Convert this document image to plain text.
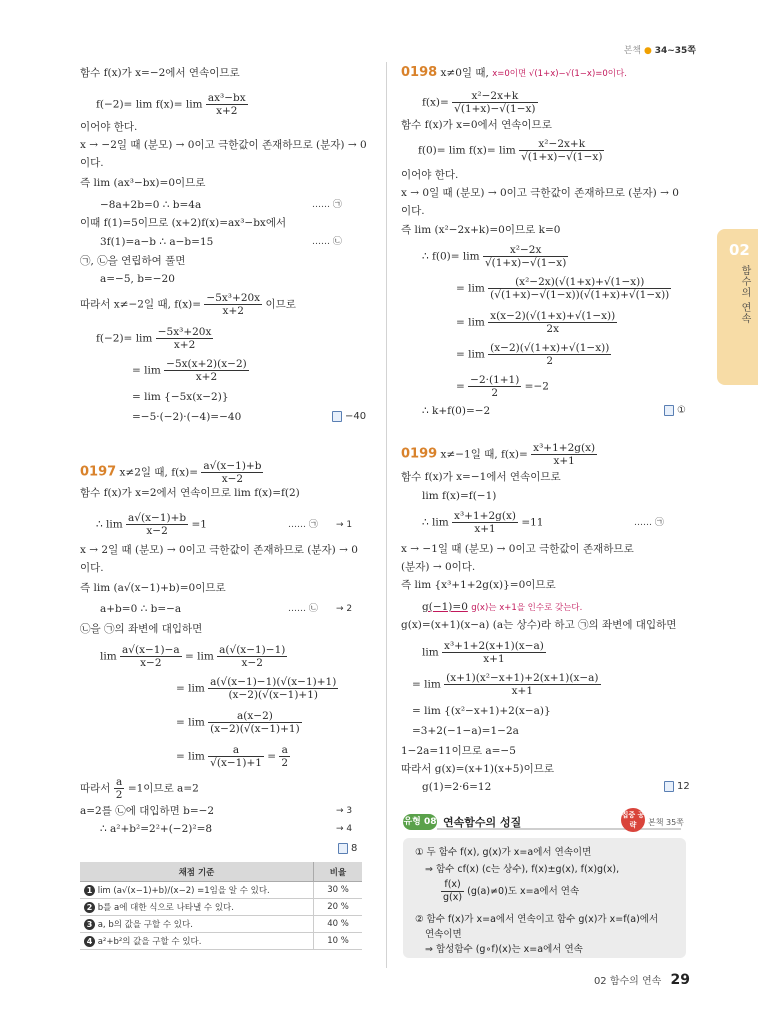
본책 ● 34~35쪽
02
함수의 연속
함수 f(x)가 x=−2에서 연속이므로
$f(-2)= \lim f(x)= \lim \frac{\text{ax³−bx}}{x+2}$
이어야 한다.
x → −2일 때 (분모) → 0이고 극한값이 존재하므로 (분자) → 0
이다.
즉 lim (ax³−bx)=0이므로
−8a+2b=0 ∴ b=4a	…… ㉠
이때 f(1)=5이므로 (x+2)f(x)=ax³−bx에서
3f(1)=a−b ∴ a−b=15	…… ㉡
㉠, ㉡을 연립하여 풀면
a=−5, b=−20
따라서 x≠−2일 때, $f(x)= \frac{\text{−5x³+20x}}{x+2}$ 이므로
$f(-2)= \lim \frac{\text{−5x³+20x}}{x+2}$
= $\lim \frac{-5x(x+2)(x-2)}{x+2}$
= lim {−5x(x−2)}
=−5·(−2)·(−4)=−40	−40
0197 x≠2일 때, $f(x)= \frac{a√(x-1)+b}{x-2}$
함수 f(x)가 x=2에서 연속이므로 lim f(x)=f(2)
∴ $\lim \frac{a√(x-1)+b}{x-2} =1$	…… ㉠ → 1
x → 2일 때 (분모) → 0이고 극한값이 존재하므로 (분자) → 0
이다.
즉 lim (a√(x−1)+b)=0이므로
a+b=0 ∴ b=−a	…… ㉡ → 2
㉡을 ㉠의 좌변에 대입하면
$\lim \frac{a√(x-1)-a}{x-2} = \lim \frac{a(√(x-1)-1)}{x-2}$
= $\lim \frac{a(√(x-1)-1)(√(x-1)+1)}{(x-2)(√(x-1)+1)}$
= $\lim \frac{a(x-2)}{(x-2)(√(x-1)+1)}$
= $\lim \frac{a}{√(x-1)+1} = \frac{a}{2}$
따라서 $\frac{a}{2} =1$이므로 a=2
a=2를 ㉡에 대입하면 b=−2	→ 3
∴ a²+b²=2²+(−2)²=8	→ 4
8
채점 기준	비율
1 lim (a√(x−1)+b)/(x−2) =1임을 알 수 있다.	30 %
2 b를 a에 대한 식으로 나타낼 수 있다.	20 %
3 a, b의 값을 구할 수 있다.	40 %
4 a²+b²의 값을 구할 수 있다.	10 %
0198 x≠0일 때, x=0이면 √(1+x)−√(1−x)=0이다.
$f(x)= \frac{\text{x²−2x+k}}{√(1+x)-√(1-x)}$
함수 f(x)가 x=0에서 연속이므로
$f(0)= \lim f(x)= \lim \frac{\text{x²−2x+k}}{√(1+x)-√(1-x)}$
이어야 한다.
x → 0일 때 (분모) → 0이고 극한값이 존재하므로 (분자) → 0
이다.
즉 lim (x²−2x+k)=0이므로 k=0
∴ $f(0)= \lim \frac{\text{x²−2x}}{√(1+x)-√(1-x)}$
= $\lim \frac{\text{(x²−2x)(√(1+x)+√(1−x))}}{(√(1+x)-√(1-x))(√(1+x)+√(1-x))}$
= $\lim \frac{x(x-2)(√(1+x)+√(1-x))}{2x}$
= $\lim \frac{(x-2)(√(1+x)+√(1-x))}{2}$
= $\frac{-2\cdot(1+1)}{2} =-2$
∴ k+f(0)=−2	①
0199 x≠−1일 때, $f(x)= \frac{\text{x³+1+2g(x)}}{x+1}$
함수 f(x)가 x=−1에서 연속이므로
lim f(x)=f(−1)
∴ $\lim \frac{\text{x³+1+2g(x)}}{x+1} =11$	…… ㉠
x → −1일 때 (분모) → 0이고 극한값이 존재하므로
(분자) → 0이다.
즉 lim {x³+1+2g(x)}=0이므로
g(−1)=0 g(x)는 x+1을 인수로 갖는다.
g(x)=(x+1)(x−a) (a는 상수)라 하고 ㉠의 좌변에 대입하면
$\lim \frac{\text{x³+1+2(x+1)(x−a)}}{x+1}$
= $\lim \frac{\text{(x+1)(x²−x+1)+2(x+1)(x−a)}}{x+1}$
= lim {(x²−x+1)+2(x−a)}
=3+2(−1−a)=1−2a
1−2a=11이므로 a=−5
따라서 g(x)=(x+1)(x+5)이므로
g(1)=2·6=12	12
유형 08 연속함수의 성질
집중 공략	본책 35쪽
① 두 함수 f(x), g(x)가 x=a에서 연속이면
⇒ 함수 cf(x) (c는 상수), f(x)±g(x), f(x)g(x),
$\frac{f(x)}{g(x)} (g(a)\ne 0)$도 x=a에서 연속
② 함수 f(x)가 x=a에서 연속이고 함수 g(x)가 x=f(a)에서
연속이면
⇒ 합성함수 (g∘f)(x)는 x=a에서 연속
02 함수의 연속 29
